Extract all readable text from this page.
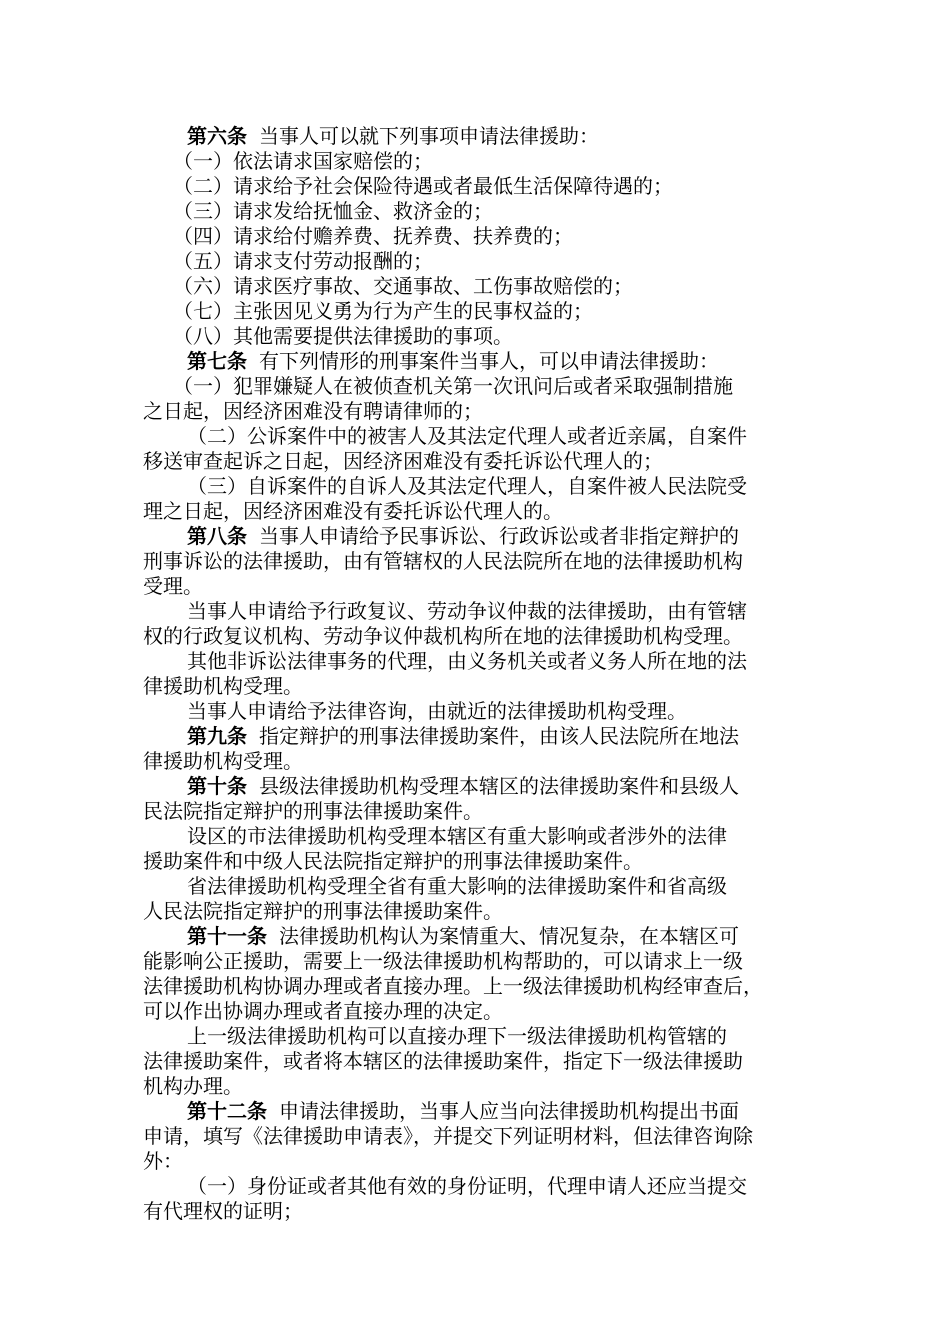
第六条 当事人可以就下列事项申请法律援助：
（一）依法请求国家赔偿的；
（二）请求给予社会保险待遇或者最低生活保障待遇的；
（三）请求发给抚恤金、救济金的；
（四）请求给付赡养费、抚养费、扶养费的；
（五）请求支付劳动报酬的；
（六）请求医疗事故、交通事故、工伤事故赔偿的；
（七）主张因见义勇为行为产生的民事权益的；
（八）其他需要提供法律援助的事项。
第七条 有下列情形的刑事案件当事人，可以申请法律援助：
（一）犯罪嫌疑人在被侦查机关第一次讯问后或者采取强制措施
之日起，因经济困难没有聘请律师的；
（二）公诉案件中的被害人及其法定代理人或者近亲属，自案件
移送审查起诉之日起，因经济困难没有委托诉讼代理人的；
（三）自诉案件的自诉人及其法定代理人，自案件被人民法院受
理之日起，因经济困难没有委托诉讼代理人的。
第八条 当事人申请给予民事诉讼、行政诉讼或者非指定辩护的
刑事诉讼的法律援助，由有管辖权的人民法院所在地的法律援助机构
受理。
当事人申请给予行政复议、劳动争议仲裁的法律援助，由有管辖
权的行政复议机构、劳动争议仲裁机构所在地的法律援助机构受理。
其他非诉讼法律事务的代理，由义务机关或者义务人所在地的法
律援助机构受理。
当事人申请给予法律咨询，由就近的法律援助机构受理。
第九条 指定辩护的刑事法律援助案件，由该人民法院所在地法
律援助机构受理。
第十条 县级法律援助机构受理本辖区的法律援助案件和县级人
民法院指定辩护的刑事法律援助案件。
设区的市法律援助机构受理本辖区有重大影响或者涉外的法律
援助案件和中级人民法院指定辩护的刑事法律援助案件。
省法律援助机构受理全省有重大影响的法律援助案件和省高级
人民法院指定辩护的刑事法律援助案件。
第十一条 法律援助机构认为案情重大、情况复杂，在本辖区可
能影响公正援助，需要上一级法律援助机构帮助的，可以请求上一级
法律援助机构协调办理或者直接办理。上一级法律援助机构经审查后，
可以作出协调办理或者直接办理的决定。
上一级法律援助机构可以直接办理下一级法律援助机构管辖的
法律援助案件，或者将本辖区的法律援助案件，指定下一级法律援助
机构办理。
第十二条 申请法律援助，当事人应当向法律援助机构提出书面
申请，填写《法律援助申请表》，并提交下列证明材料，但法律咨询除
外：
（一）身份证或者其他有效的身份证明，代理申请人还应当提交
有代理权的证明；
